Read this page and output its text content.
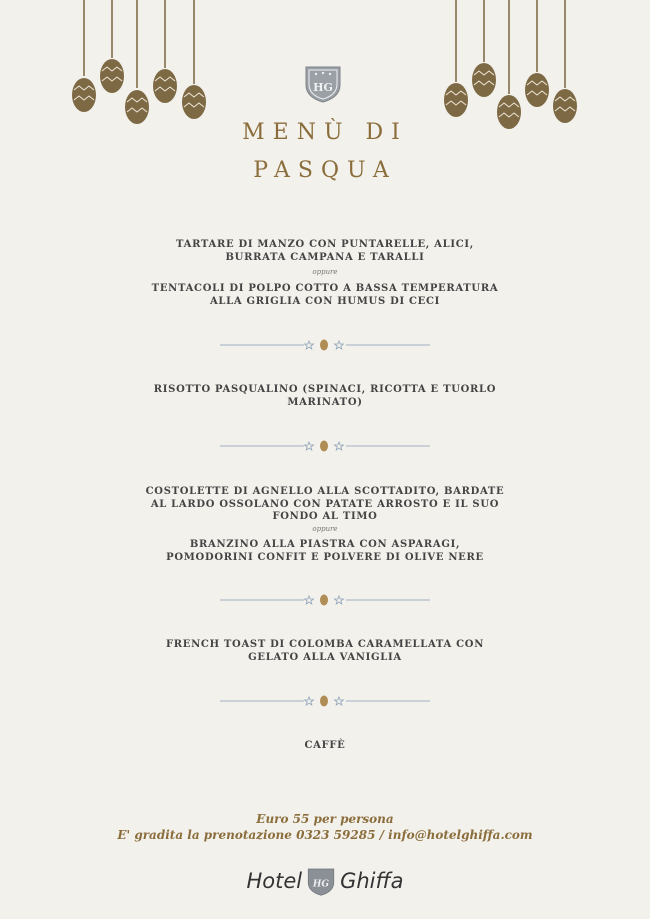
HG
MENÙ DI
PASQUA
TARTARE DI MANZO CON PUNTARELLE, ALICI, BURRATA CAMPANA E TARALLI
oppure
TENTACOLI DI POLPO COTTO A BASSA TEMPERATURA ALLA GRIGLIA CON HUMUS DI CECI
RISOTTO PASQUALINO (SPINACI, RICOTTA E TUORLO MARINATO)
COSTOLETTE DI AGNELLO ALLA SCOTTADITO, BARDATE AL LARDO OSSOLANO CON PATATE ARROSTO E IL SUO FONDO AL TIMO
oppure
BRANZINO ALLA PIASTRA CON ASPARAGI, POMODORINI CONFIT E POLVERE DI OLIVE NERE
FRENCH TOAST DI COLOMBA CARAMELLATA CON GELATO ALLA VANIGLIA
CAFFÈ
Euro 55 per persona
E' gradita la prenotazione 0323 59285 / info@hotelghiffa.com
Hotel HG Ghiffa
